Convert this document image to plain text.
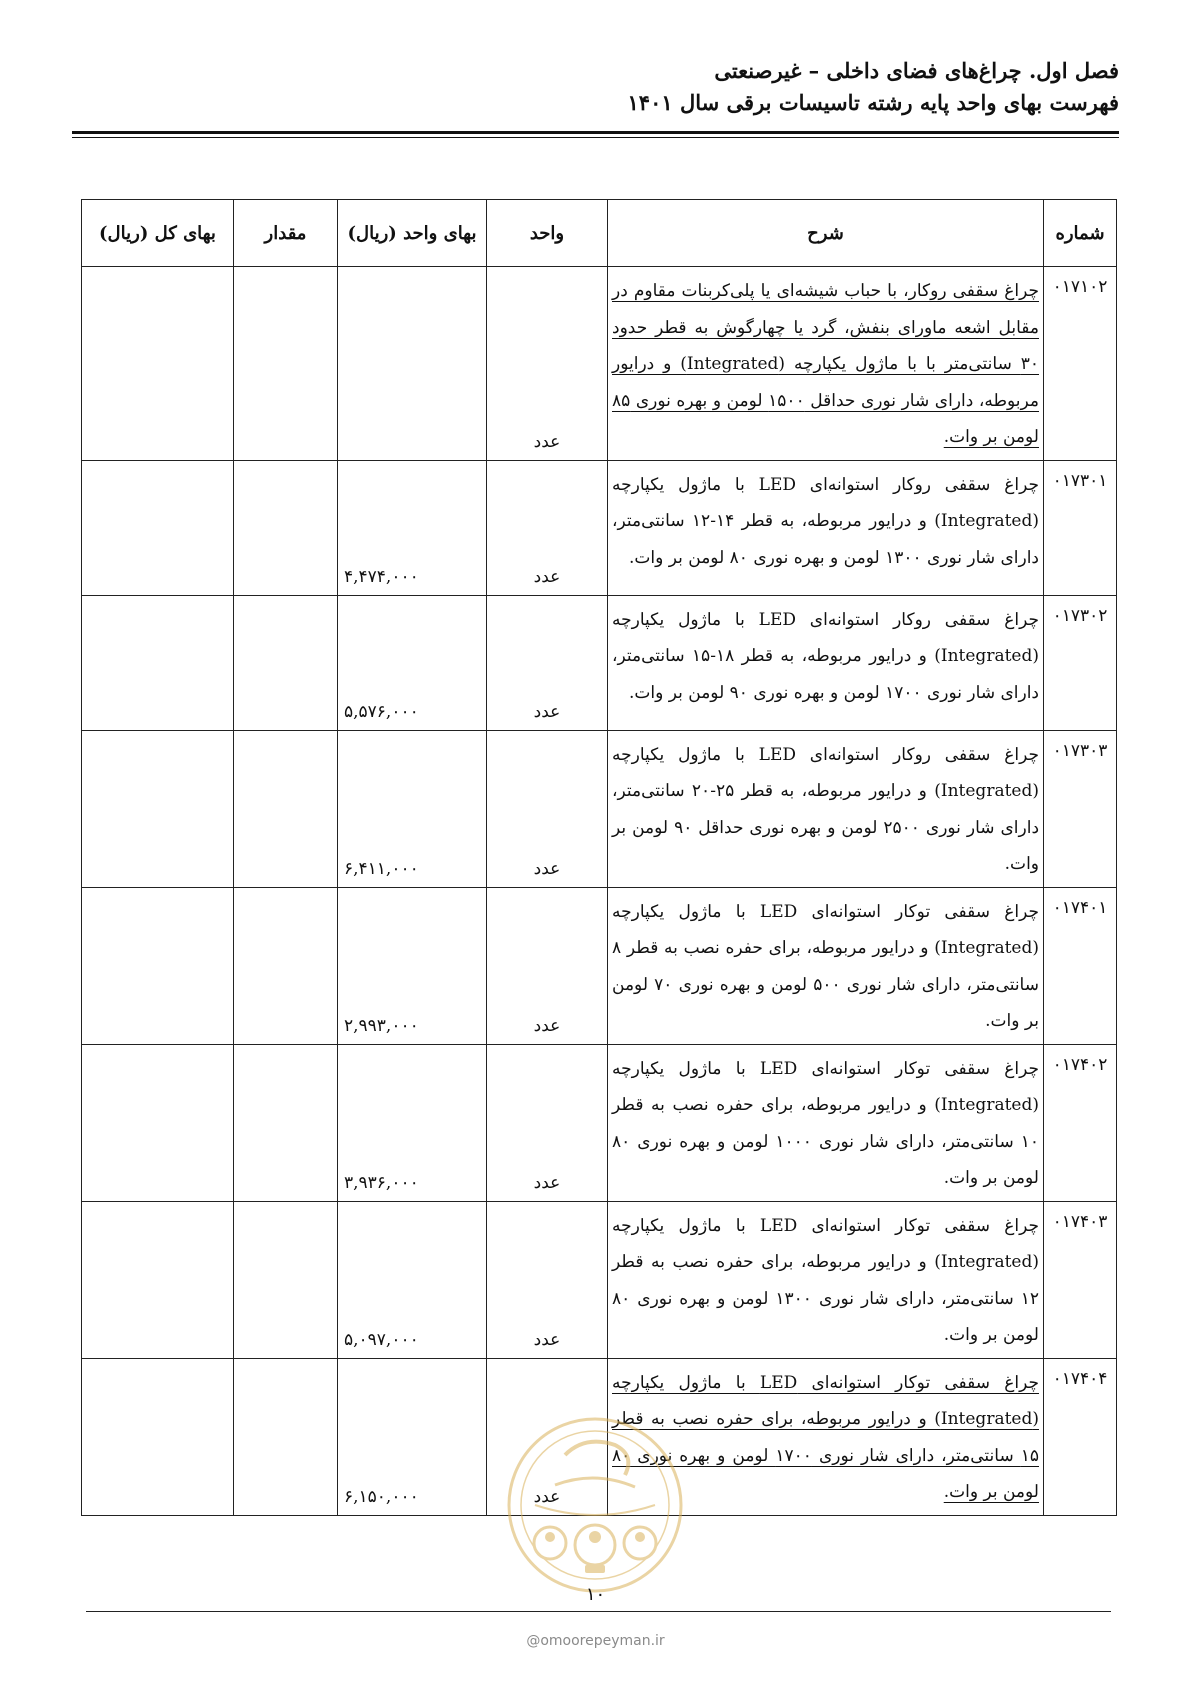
فصل اول. چراغ‌های فضای داخلی – غیرصنعتی
فهرست بهای واحد پایه رشته تاسیسات برقی سال ۱۴۰۱
شماره	شرح	واحد	بهای واحد (ریال)	مقدار	بهای کل (ریال)
۰۱۷۱۰۲	چراغ سقفی روکار، با حباب شیشه‌ای یا پلی‌کربنات مقاوم در مقابل اشعه ماورای بنفش، گرد یا چهارگوش به قطر حدود ۳۰ سانتی‌متر با با ماژول یکپارچه (Integrated) و درایور مربوطه، دارای شار نوری حداقل ۱۵۰۰ لومن و بهره نوری ۸۵ لومن بر وات.	عدد			
۰۱۷۳۰۱	چراغ سقفی روکار استوانه‌ای LED با ماژول یکپارچه (Integrated) و درایور مربوطه، به قطر ۱۴-۱۲ سانتی‌متر، دارای شار نوری ۱۳۰۰ لومن و بهره نوری ۸۰ لومن بر وات.	عدد	۴,۴۷۴,۰۰۰		
۰۱۷۳۰۲	چراغ سقفی روکار استوانه‌ای LED با ماژول یکپارچه (Integrated) و درایور مربوطه، به قطر ۱۸-۱۵ سانتی‌متر، دارای شار نوری ۱۷۰۰ لومن و بهره نوری ۹۰ لومن بر وات.	عدد	۵,۵۷۶,۰۰۰		
۰۱۷۳۰۳	چراغ سقفی روکار استوانه‌ای LED با ماژول یکپارچه (Integrated) و درایور مربوطه، به قطر ۲۵-۲۰ سانتی‌متر، دارای شار نوری ۲۵۰۰ لومن و بهره نوری حداقل ۹۰ لومن بر وات.	عدد	۶,۴۱۱,۰۰۰		
۰۱۷۴۰۱	چراغ سقفی توکار استوانه‌ای LED با ماژول یکپارچه (Integrated) و درایور مربوطه، برای حفره نصب به قطر ۸ سانتی‌متر، دارای شار نوری ۵۰۰ لومن و بهره نوری ۷۰ لومن بر وات.	عدد	۲,۹۹۳,۰۰۰		
۰۱۷۴۰۲	چراغ سقفی توکار استوانه‌ای LED با ماژول یکپارچه (Integrated) و درایور مربوطه، برای حفره نصب به قطر ۱۰ سانتی‌متر، دارای شار نوری ۱۰۰۰ لومن و بهره نوری ۸۰ لومن بر وات.	عدد	۳,۹۳۶,۰۰۰		
۰۱۷۴۰۳	چراغ سقفی توکار استوانه‌ای LED با ماژول یکپارچه (Integrated) و درایور مربوطه، برای حفره نصب به قطر ۱۲ سانتی‌متر، دارای شار نوری ۱۳۰۰ لومن و بهره نوری ۸۰ لومن بر وات.	عدد	۵,۰۹۷,۰۰۰		
۰۱۷۴۰۴	چراغ سقفی توکار استوانه‌ای LED با ماژول یکپارچه (Integrated) و درایور مربوطه، برای حفره نصب به قطر ۱۵ سانتی‌متر، دارای شار نوری ۱۷۰۰ لومن و بهره نوری ۸۰ لومن بر وات.	عدد	۶,۱۵۰,۰۰۰		
۱۰
@omoorepeyman.ir
